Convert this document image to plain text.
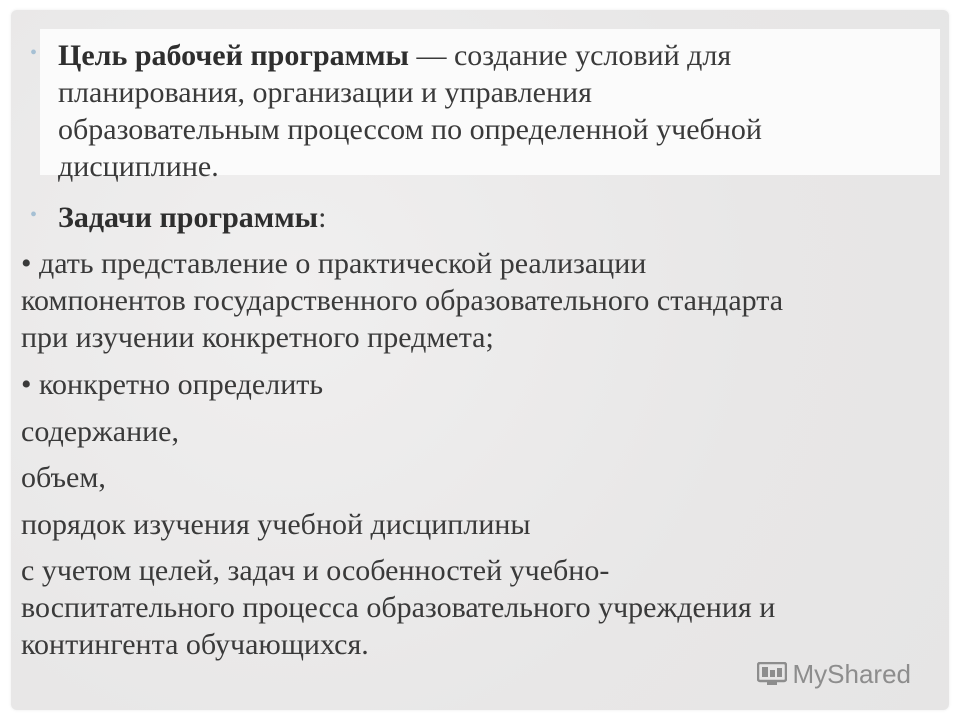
• Цель рабочей программы — создание условий для
планирования, организации и управления
образовательным процессом по определенной учебной
дисциплине.
• Задачи программы:
• дать представление о практической реализации
компонентов государственного образовательного стандарта
при изучении конкретного предмета;
• конкретно определить
содержание,
объем,
порядок изучения учебной дисциплины
с учетом целей, задач и особенностей учебно-
воспитательного процесса образовательного учреждения и
контингента обучающихся.
MyShared
